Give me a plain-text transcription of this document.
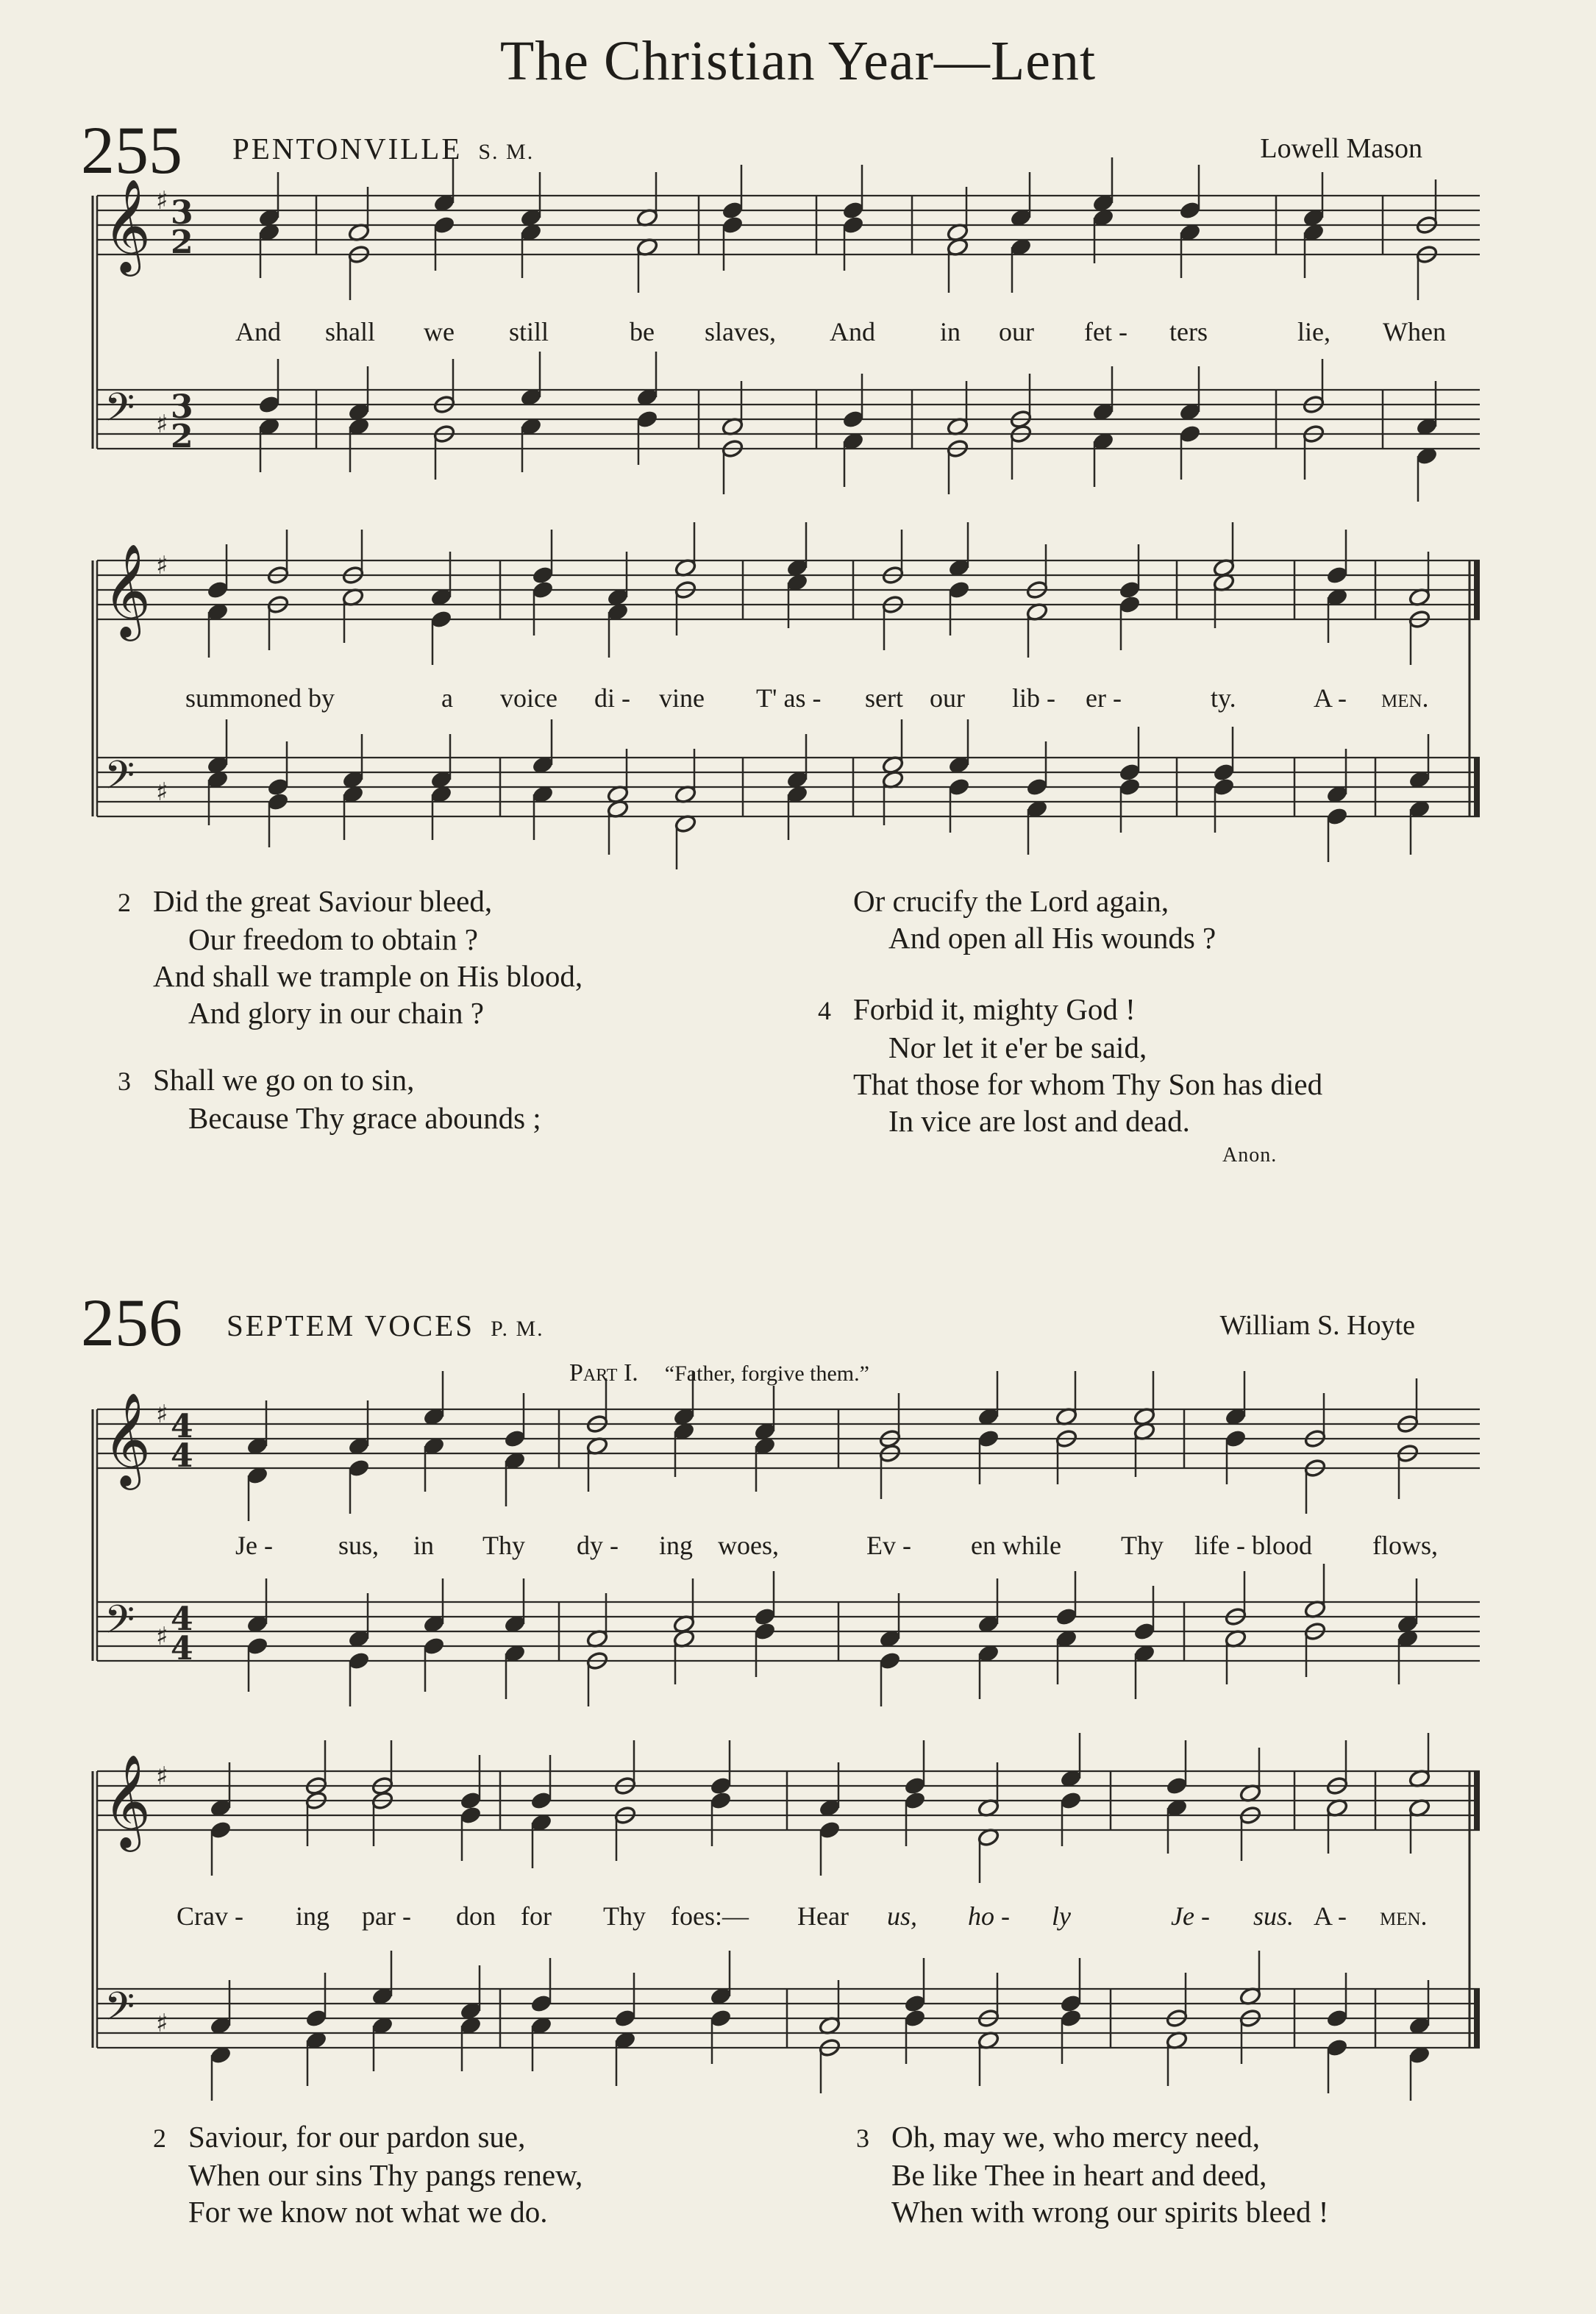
The Christian Year—Lent
255 PENTONVILLE S. M.	Lowell Mason
𝄞
𝄢
♯
♯
3
2
3
2
𝄞
𝄢
♯
♯
𝄞
𝄢
♯
♯
4
4
4
4
𝄞
𝄢
♯
♯
And shall we still	be slaves, And in our fet - ters	lie, When
summoned by	a voice di - vine T' as - sert our lib - er -	ty.	A - men.
2 Did the great Saviour bleed,
Our freedom to obtain ?
And shall we trample on His blood,
And glory in our chain ?
3 Shall we go on to sin,
Because Thy grace abounds ;
Or crucify the Lord again,
And open all His wounds ?
4 Forbid it, mighty God !
Nor let it e'er be said,
That those for whom Thy Son has died
In vice are lost and dead.
Anon.
256 SEPTEM VOCES P. M.	William S. Hoyte
Part I. “Father, forgive them.”
Je - sus, in Thy dy - ing woes,	Ev - en while Thy life - blood flows,
Crav - ing par - don for Thy foes:— Hear us, ho - ly	Je - sus. A - men.
2 Saviour, for our pardon sue,
When our sins Thy pangs renew,
For we know not what we do.
3 Oh, may we, who mercy need,
Be like Thee in heart and deed,
When with wrong our spirits bleed !
